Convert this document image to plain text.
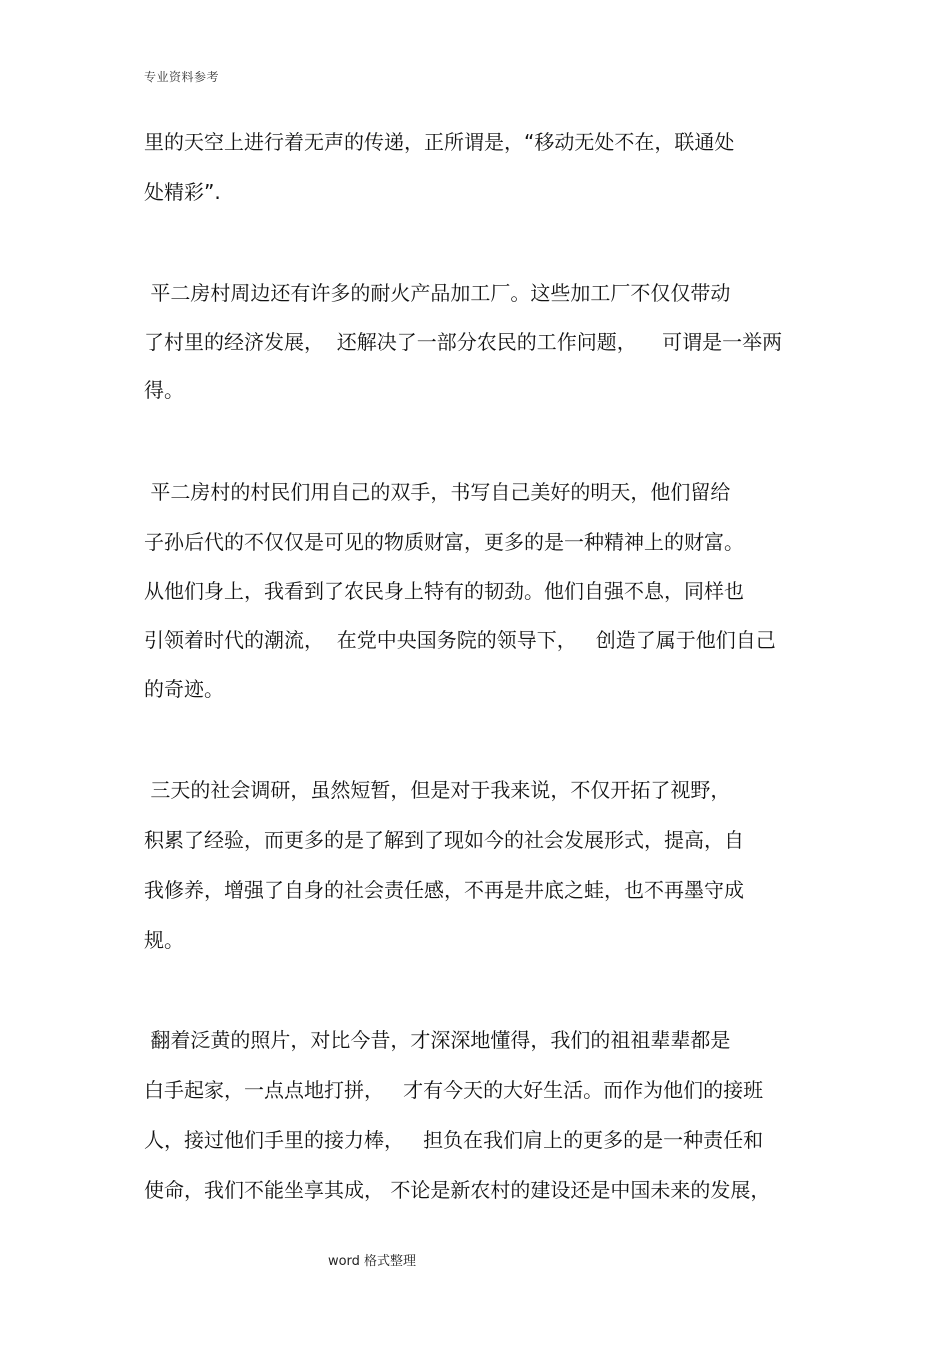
专业资料参考
里的天空上进行着无声的传递，正所谓是，“移动无处不在，联通处
处精彩”.
平二房村周边还有许多的耐火产品加工厂。这些加工厂不仅仅带动
了村里的经济发展，  还解决了一部分农民的工作问题，    可谓是一举两
得。
平二房村的村民们用自己的双手，书写自己美好的明天，他们留给
子孙后代的不仅仅是可见的物质财富，更多的是一种精神上的财富。
从他们身上，我看到了农民身上特有的韧劲。他们自强不息，同样也
引领着时代的潮流，  在党中央国务院的领导下，   创造了属于他们自己
的奇迹。
三天的社会调研，虽然短暂，但是对于我来说，不仅开拓了视野，
积累了经验，而更多的是了解到了现如今的社会发展形式，提高，自
我修养，增强了自身的社会责任感，不再是井底之蛙，也不再墨守成
规。
翻着泛黄的照片，对比今昔，才深深地懂得，我们的祖祖辈辈都是
白手起家，一点点地打拼，   才有今天的大好生活。而作为他们的接班
人，接过他们手里的接力棒，   担负在我们肩上的更多的是一种责任和
使命，我们不能坐享其成， 不论是新农村的建设还是中国未来的发展，
word 格式整理
